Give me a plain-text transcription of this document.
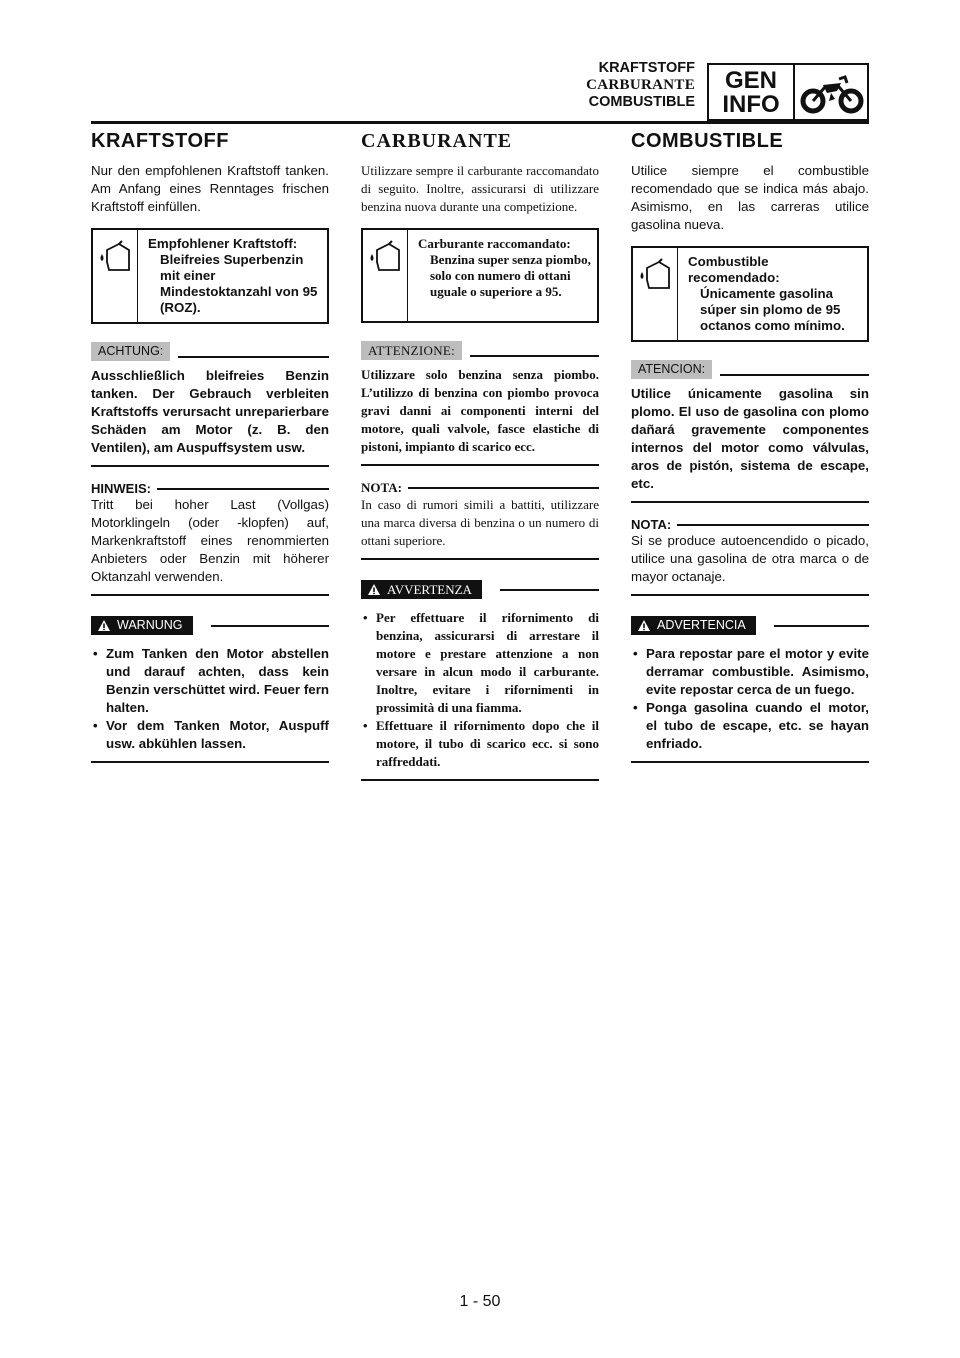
KRAFTSTOFF
CARBURANTE
COMBUSTIBLE
GEN
INFO
KRAFTSTOFF

Nur den empfohlenen Kraftstoff tanken. Am Anfang eines Renntages frischen Kraftstoff einfüllen.

Empfohlener Kraftstoff:
Bleifreies Superbenzin mit einer Mindestoktanzahl von 95 (ROZ).
ACHTUNG:

Ausschließlich bleifreies Benzin tanken. Der Gebrauch verbleiten Kraftstoffs verursacht unreparierbare Schäden am Motor (z. B. den Ventilen), am Auspuffsystem usw.

HINWEIS:

Tritt bei hoher Last (Vollgas) Motorklingeln (oder -klopfen) auf, Markenkraftstoff eines renommierten Anbieters oder Benzin mit höherer Oktanzahl verwenden.

WARNUNG
• Zum Tanken den Motor abstellen und darauf achten, dass kein Benzin verschüttet wird. Feuer fern halten.
• Vor dem Tanken Motor, Auspuff usw. abkühlen lassen.
CARBURANTE

Utilizzare sempre il carburante raccomandato di seguito. Inoltre, assicurarsi di utilizzare benzina nuova durante una competizione.

Carburante raccomandato:
Benzina super senza piombo, solo con numero di ottani uguale o superiore a 95.
ATTENZIONE:

Utilizzare solo benzina senza piombo. L’utilizzo di benzina con piombo provoca gravi danni ai componenti interni del motore, quali valvole, fasce elastiche di pistoni, impianto di scarico ecc.

NOTA:

In caso di rumori simili a battiti, utilizzare una marca diversa di benzina o un numero di ottani superiore.

AVVERTENZA
• Per effettuare il rifornimento di benzina, assicurarsi di arrestare il motore e prestare attenzione a non versare in alcun modo il carburante. Inoltre, evitare i rifornimenti in prossimità di una fiamma.
• Effettuare il rifornimento dopo che il motore, il tubo di scarico ecc. si sono raffreddati.
COMBUSTIBLE

Utilice siempre el combustible recomendado que se indica más abajo. Asimismo, en las carreras utilice gasolina nueva.

Combustible recomendado:
Únicamente gasolina súper sin plomo de 95 octanos como mínimo.
ATENCION:

Utilice únicamente gasolina sin plomo. El uso de gasolina con plomo dañará gravemente componentes internos del motor como válvulas, aros de pistón, sistema de escape, etc.

NOTA:

Si se produce autoencendido o picado, utilice una gasolina de otra marca o de mayor octanaje.

ADVERTENCIA
• Para repostar pare el motor y evite derramar combustible. Asimismo, evite repostar cerca de un fuego.
• Ponga gasolina cuando el motor, el tubo de escape, etc. se hayan enfriado.
1 - 50
